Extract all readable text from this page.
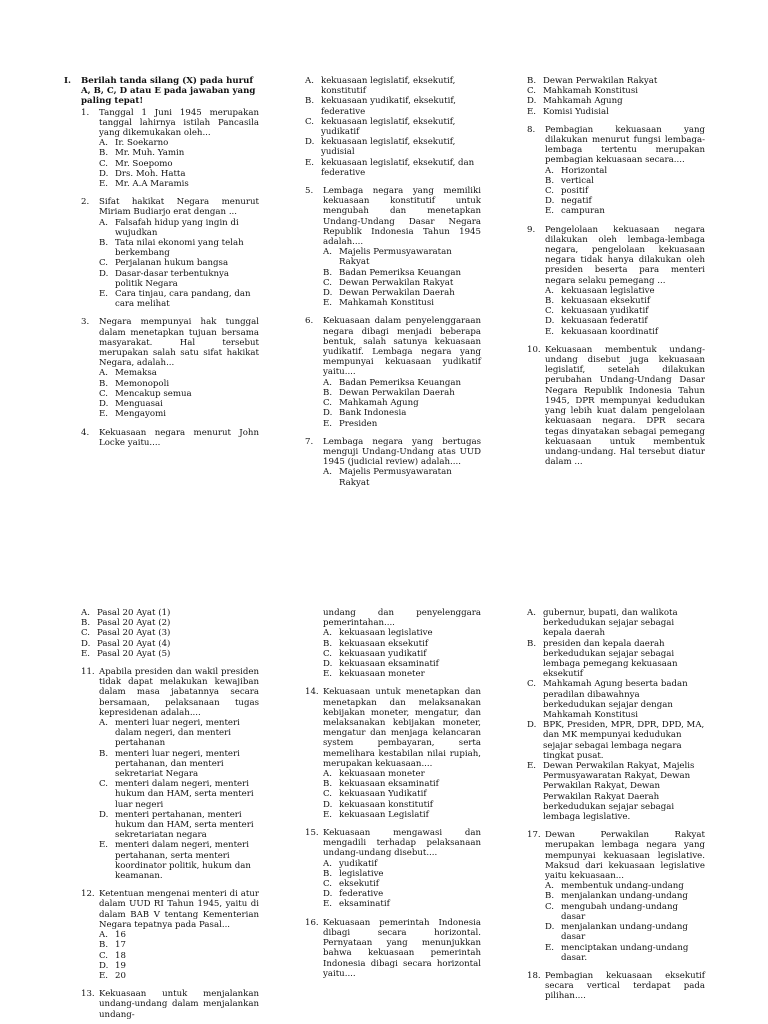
I.	Berilah tanda silang (X) pada huruf A, B, C, D atau E pada jawaban yang paling tepat!
1.	Tanggal 1 Juni 1945 merupakan tanggal lahirnya istilah Pancasila yang dikemukakan oleh...
A. Ir. Soekarno
B. Mr. Muh. Yamin
C. Mr. Soepomo
D. Drs. Moh. Hatta
E. Mr. A.A Maramis
2.	Sifat hakikat Negara menurut Miriam Budiarjo erat dengan ...
A. Falsafah hidup yang ingin di wujudkan
B. Tata nilai ekonomi yang telah berkembang
C. Perjalanan hukum bangsa
D. Dasar-dasar terbentuknya politik Negara
E. Cara tinjau, cara pandang, dan cara melihat
3.	Negara mempunyai hak tunggal dalam menetapkan tujuan bersama masyarakat. Hal tersebut merupakan salah satu sifat hakikat Negara, adalah...
A. Memaksa
B. Memonopoli
C. Mencakup semua
D. Menguasai
E. Mengayomi
4.	Kekuasaan negara menurut John Locke yaitu....
A. kekuasaan legislatif, eksekutif, konstitutif
B. kekuasaan yudikatif, eksekutif, federative
C. kekuasaan legislatif, eksekutif, yudikatif
D. kekuasaan legislatif, eksekutif, yudisial
E. kekuasaan legislatif, eksekutif, dan federative
5.	Lembaga negara yang memiliki kekuasaan konstitutif untuk mengubah dan menetapkan Undang-Undang Dasar Negara Republik Indonesia Tahun 1945 adalah....
A. Majelis Permusyawaratan Rakyat
B. Badan Pemeriksa Keuangan
C. Dewan Perwakilan Rakyat
D. Dewan Perwakilan Daerah
E. Mahkamah Konstitusi
6.	Kekuasaan dalam penyelenggaraan negara dibagi menjadi beberapa bentuk, salah satunya kekuasaan yudikatif. Lembaga negara yang mempunyai kekuasaan yudikatif yaitu....
A. Badan Pemeriksa Keuangan
B. Dewan Perwakilan Daerah
C. Mahkamah Agung
D. Bank Indonesia
E. Presiden
7.	Lembaga negara yang bertugas menguji Undang-Undang atas UUD 1945 (judicial review) adalah....
A. Majelis Permusyawaratan Rakyat
B. Dewan Perwakilan Rakyat
C. Mahkamah Konstitusi
D. Mahkamah Agung
E. Komisi Yudisial
8.	Pembagian kekuasaan yang dilakukan menurut fungsi lembaga-lembaga tertentu merupakan pembagian kekuasaan secara....
A. Horizontal
B. vertical
C. positif
D. negatif
E. campuran
9.	Pengelolaan kekuasaan negara dilakukan oleh lembaga-lembaga negara, pengelolaan kekuasaan negara tidak hanya dilakukan oleh presiden beserta para menteri negara selaku pemegang ...
A. kekuasaan legislative
B. kekuasaan eksekutif
C. kekuasaan yudikatif
D. kekuasaan federatif
E. kekuasaan koordinatif
10. Kekuasaan membentuk undang-undang disebut juga kekuasaan legislatif, setelah dilakukan perubahan Undang-Undang Dasar Negara Republik Indonesia Tahun 1945, DPR mempunyai kedudukan yang lebih kuat dalam pengelolaan kekuasaan negara. DPR secara tegas dinyatakan sebagai pemegang kekuasaan untuk membentuk undang-undang. Hal tersebut diatur dalam ...
A. Pasal 20 Ayat (1)
B. Pasal 20 Ayat (2)
C. Pasal 20 Ayat (3)
D. Pasal 20 Ayat (4)
E. Pasal 20 Ayat (5)
11. Apabila presiden dan wakil presiden tidak dapat melakukan kewajiban dalam masa jabatannya secara bersamaan, pelaksanaan tugas kepresidenan adalah....
A. menteri luar negeri, menteri dalam negeri, dan menteri pertahanan
B. menteri luar negeri, menteri pertahanan, dan menteri sekretariat Negara
C. menteri dalam negeri, menteri hukum dan HAM, serta menteri luar negeri
D. menteri pertahanan, menteri hukum dan HAM, serta menteri sekretariatan negara
E. menteri dalam negeri, menteri pertahanan, serta menteri koordinator politik, hukum dan keamanan.
12. Ketentuan mengenai menteri di atur dalam UUD RI Tahun 1945, yaitu di dalam BAB V tentang Kementerian Negara tepatnya pada Pasal...
A. 16
B. 17
C. 18
D. 19
E. 20
13. Kekuasaan untuk menjalankan undang-undang dalam menjalankan undang-
undang dan penyelenggara pemerintahan....
A. kekuasaan legislative
B. kekuasaan eksekutif
C. kekuasaan yudikatif
D. kekuasaan eksaminatif
E. kekuasaan moneter
14. Kekuasaan untuk menetapkan dan menetapkan dan melaksanakan kebijakan moneter, mengatur, dan melaksanakan kebijakan moneter, mengatur dan menjaga kelancaran system pembayaran, serta memelihara kestabilan nilai rupiah, merupakan kekuasaan....
A. kekuasaan moneter
B. kekuasaan eksaminatif
C. kekuasaan Yudikatif
D. kekuasaan konstitutif
E. kekuasaan Legislatif
15. Kekuasaan mengawasi dan mengadili terhadap pelaksanaan undang-undang disebut....
A. yudikatif
B. legislative
C. eksekutif
D. federative
E. eksaminatif
16. Kekuasaan pemerintah Indonesia dibagi secara horizontal. Pernyataan yang menunjukkan bahwa kekuasaan pemerintah Indonesia dibagi secara horizontal yaitu....
A. gubernur, bupati, dan walikota berkedudukan sejajar sebagai kepala daerah
B. presiden dan kepala daerah berkedudukan sejajar sebagai lembaga pemegang kekuasaan eksekutif
C. Mahkamah Agung beserta badan peradilan dibawahnya berkedudukan sejajar dengan Mahkamah Konstitusi
D. BPK, Presiden, MPR, DPR, DPD, MA, dan MK mempunyai kedudukan sejajar sebagai lembaga negara tingkat pusat.
E. Dewan Perwakilan Rakyat, Majelis Permusyawaratan Rakyat, Dewan Perwakilan Rakyat, Dewan Perwakilan Rakyat Daerah berkedudukan sejajar sebagai lembaga legislative.
17. Dewan Perwakilan Rakyat merupakan lembaga negara yang mempunyai kekuasaan legislative. Maksud dari kekuasaan legislative yaitu kekuasaan...
A. membentuk undang-undang
B. menjalankan undang-undang
C. mengubah undang-undang dasar
D. menjalankan undang-undang dasar
E. menciptakan undang-undang dasar.
18. Pembagian kekuasaan eksekutif secara vertical terdapat pada pilihan....
